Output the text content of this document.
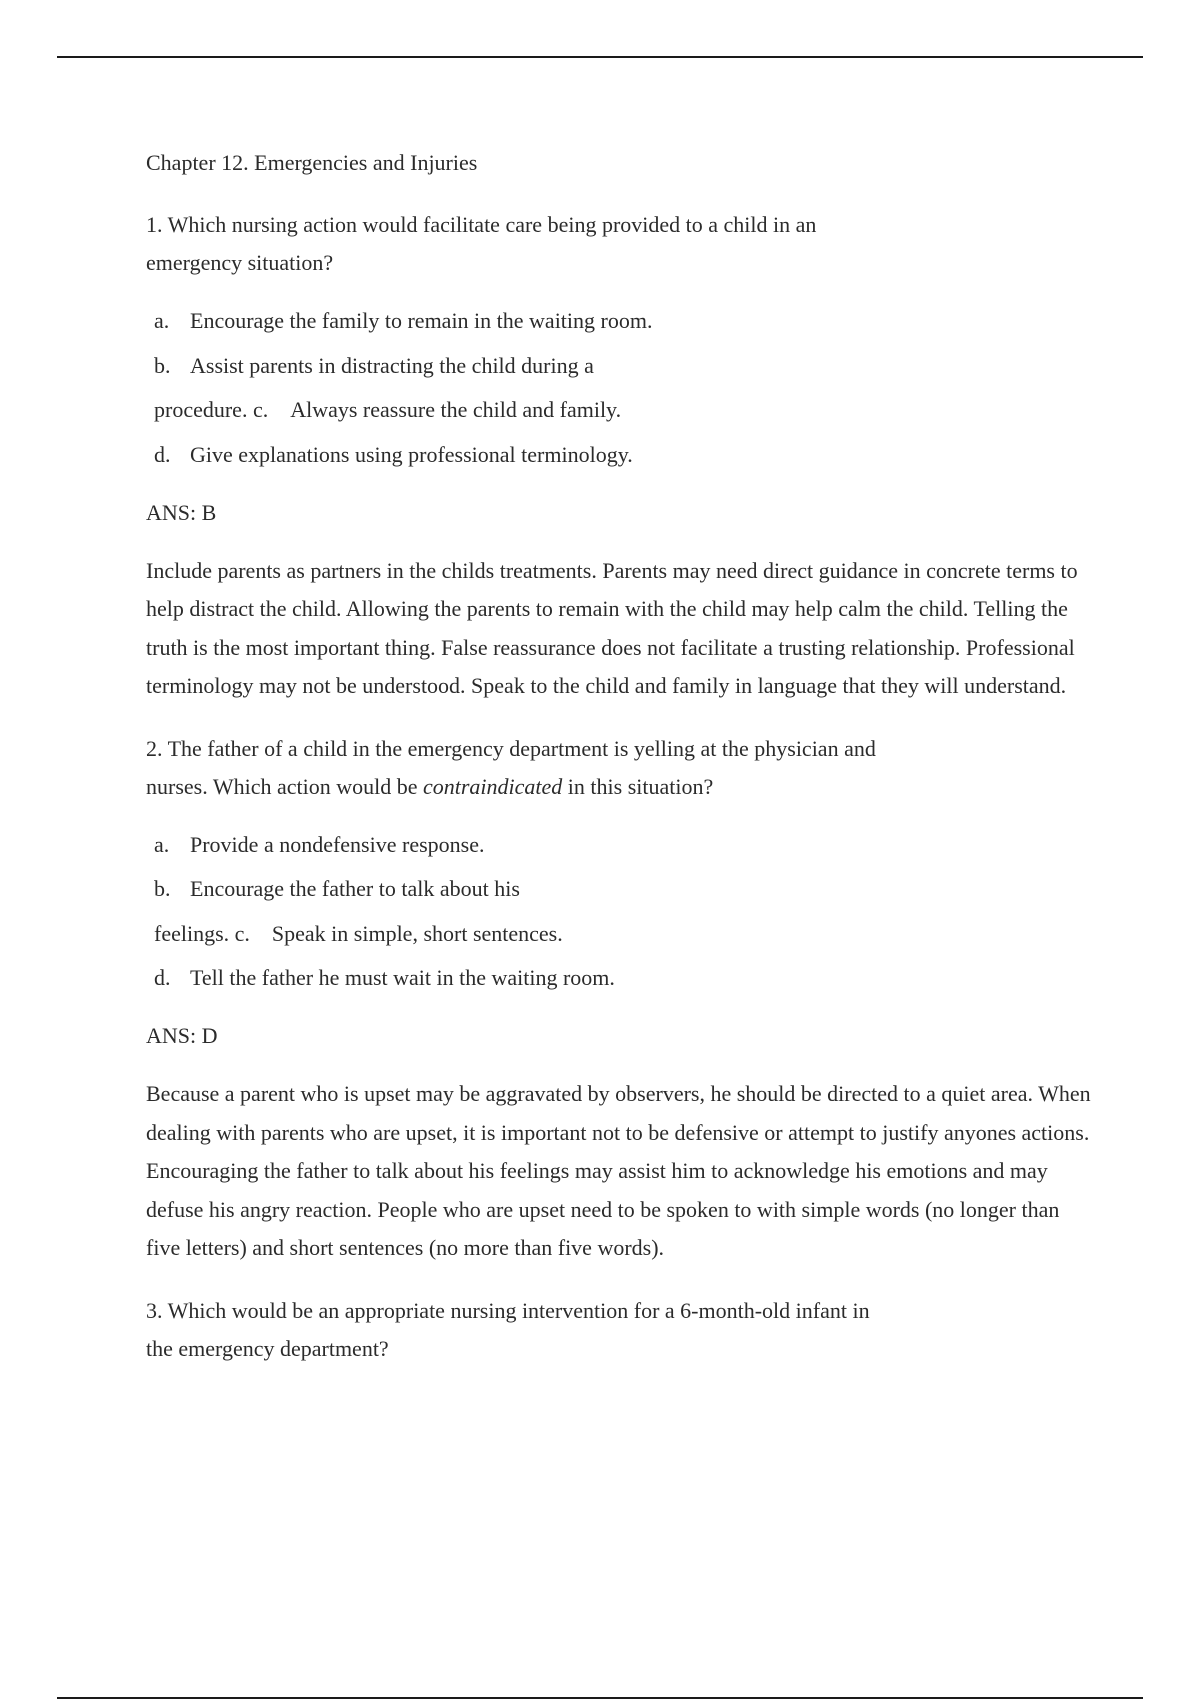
Chapter 12. Emergencies and Injuries

1. Which nursing action would facilitate care being provided to a child in an
emergency situation?

a. Encourage the family to remain in the waiting room.
b. Assist parents in distracting the child during a
procedure. c. Always reassure the child and family.
d. Give explanations using professional terminology.

ANS: B

Include parents as partners in the childs treatments. Parents may need direct guidance in concrete terms to help distract the child. Allowing the parents to remain with the child may help calm the child. Telling the truth is the most important thing. False reassurance does not facilitate a trusting relationship. Professional terminology may not be understood. Speak to the child and family in language that they will understand.

2. The father of a child in the emergency department is yelling at the physician and
nurses. Which action would be contraindicated in this situation?

a. Provide a nondefensive response.
b. Encourage the father to talk about his
feelings. c. Speak in simple, short sentences.
d. Tell the father he must wait in the waiting room.

ANS: D

Because a parent who is upset may be aggravated by observers, he should be directed to a quiet area. When dealing with parents who are upset, it is important not to be defensive or attempt to justify anyones actions. Encouraging the father to talk about his feelings may assist him to acknowledge his emotions and may defuse his angry reaction. People who are upset need to be spoken to with simple words (no longer than five letters) and short sentences (no more than five words).

3. Which would be an appropriate nursing intervention for a 6-month-old infant in
the emergency department?
